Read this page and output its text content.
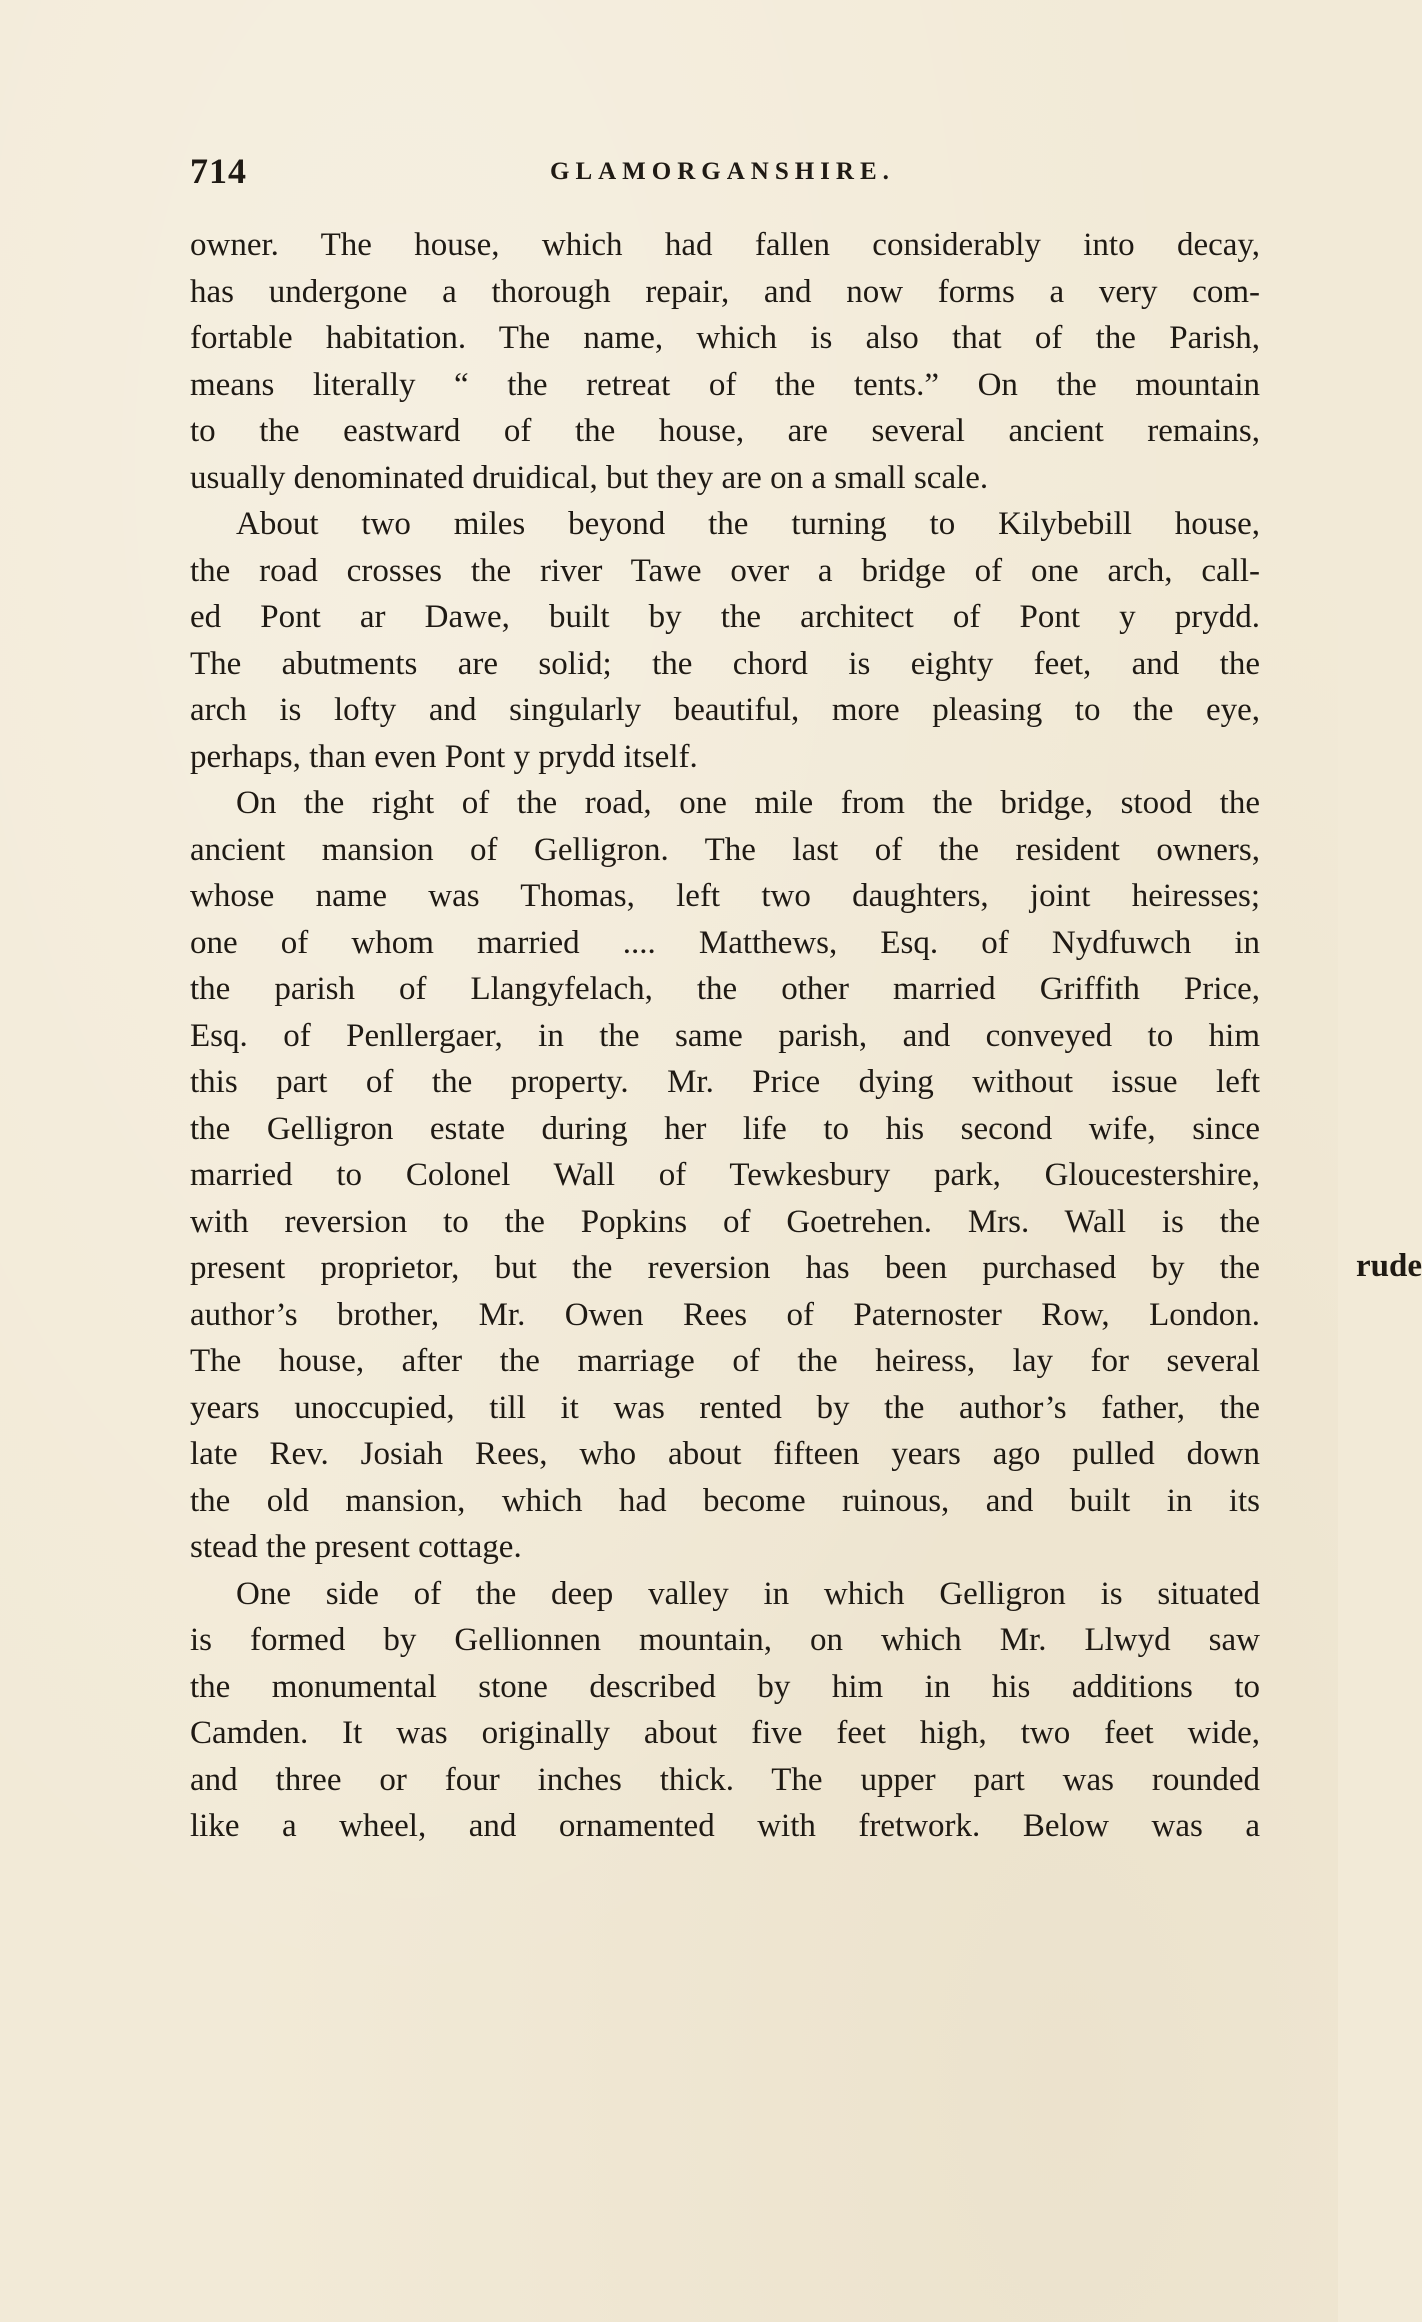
714	GLAMORGANSHIRE.
owner. The house, which had fallen considerably into decay,
has undergone a thorough repair, and now forms a very com-
fortable habitation. The name, which is also that of the Parish,
means literally “ the retreat of the tents.” On the mountain
to the eastward of the house, are several ancient remains,
usually denominated druidical, but they are on a small scale.
About two miles beyond the turning to Kilybebill house,
the road crosses the river Tawe over a bridge of one arch, call-
ed Pont ar Dawe, built by the architect of Pont y prydd.
The abutments are solid; the chord is eighty feet, and the
arch is lofty and singularly beautiful, more pleasing to the eye,
perhaps, than even Pont y prydd itself.
On the right of the road, one mile from the bridge, stood the
ancient mansion of Gelligron. The last of the resident owners,
whose name was Thomas, left two daughters, joint heiresses;
one of whom married .... Matthews, Esq. of Nydfuwch in
the parish of Llangyfelach, the other married Griffith Price,
Esq. of Penllergaer, in the same parish, and conveyed to him
this part of the property. Mr. Price dying without issue left
the Gelligron estate during her life to his second wife, since
married to Colonel Wall of Tewkesbury park, Gloucestershire,
with reversion to the Popkins of Goetrehen. Mrs. Wall is the
present proprietor, but the reversion has been purchased by the
author’s brother, Mr. Owen Rees of Paternoster Row, London.
The house, after the marriage of the heiress, lay for several
years unoccupied, till it was rented by the author’s father, the
late Rev. Josiah Rees, who about fifteen years ago pulled down
the old mansion, which had become ruinous, and built in its
stead the present cottage.
One side of the deep valley in which Gelligron is situated
is formed by Gellionnen mountain, on which Mr. Llwyd saw
the monumental stone described by him in his additions to
Camden. It was originally about five feet high, two feet wide,
and three or four inches thick. The upper part was rounded
like a wheel, and ornamented with fretwork. Below was a
rude
